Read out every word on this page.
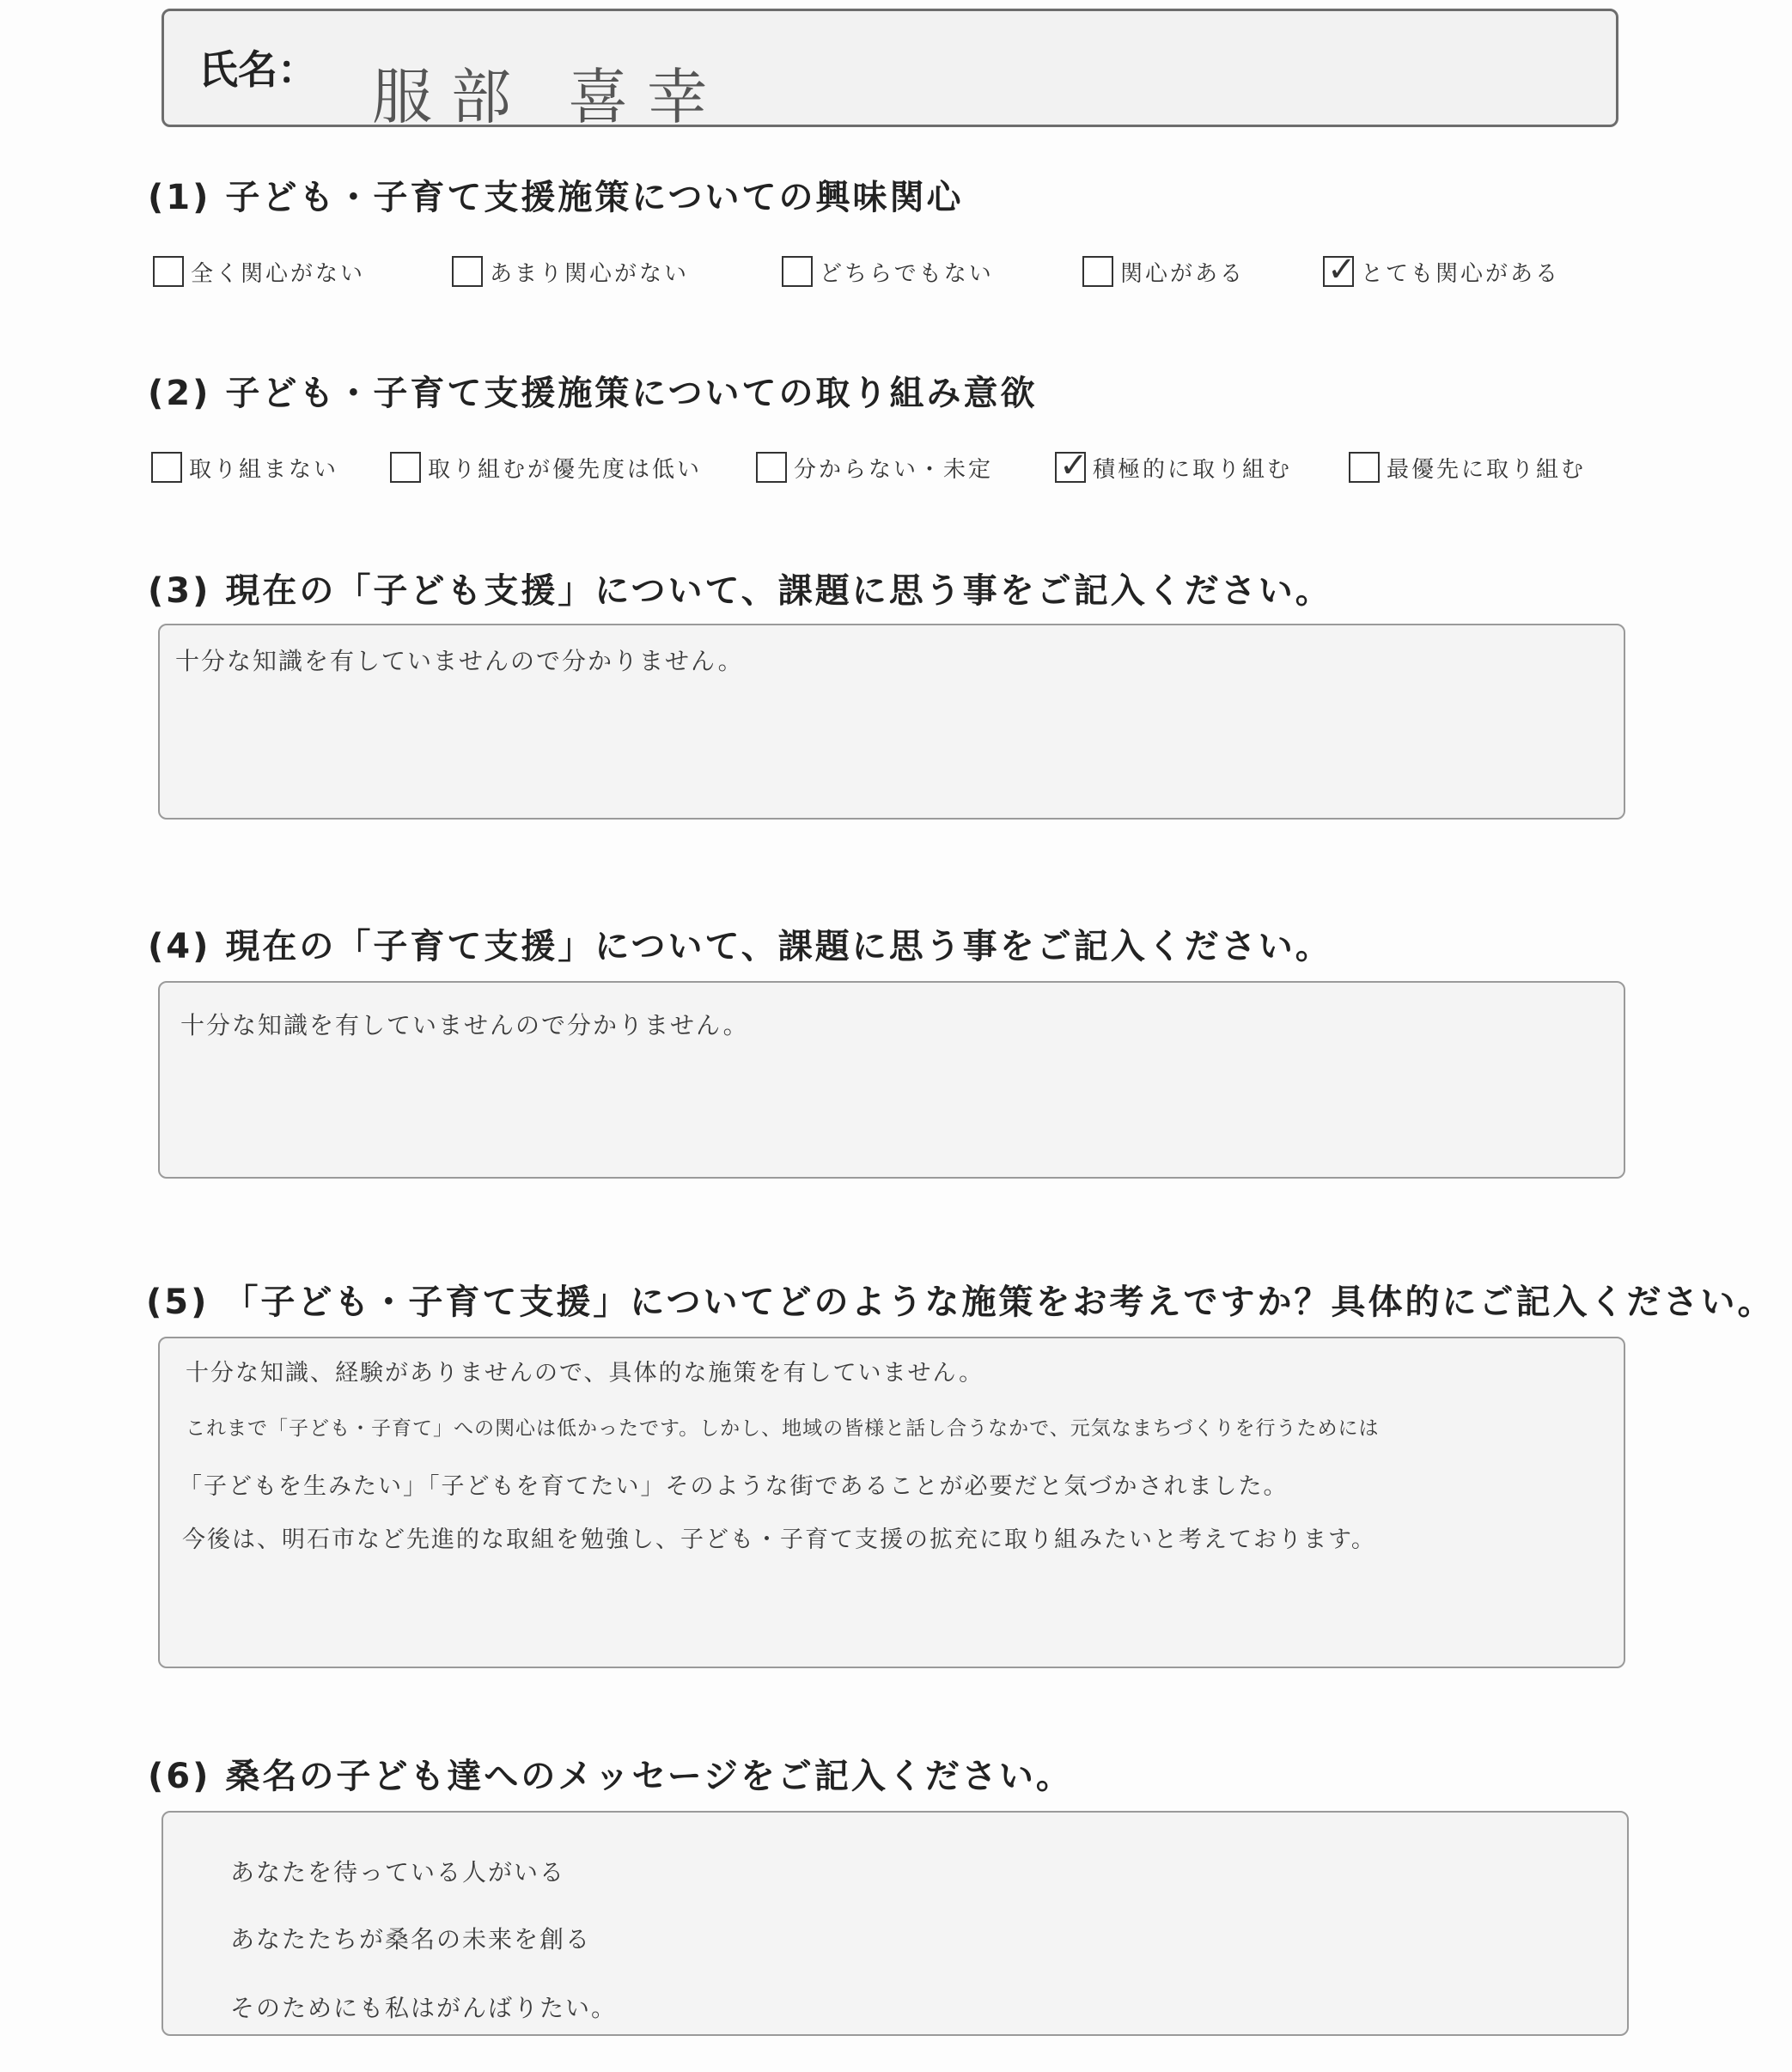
氏名： 服部 喜幸
(1) 子ども・子育て支援施策についての興味関心
全く関心がない	あまり関心がない	どちらでもない	関心がある ✓ とても関心がある
(2) 子ども・子育て支援施策についての取り組み意欲
取り組まない	取り組むが優先度は低い	分からない・未定 ✓ 積極的に取り組む	最優先に取り組む
(3) 現在の「子ども支援」について、課題に思う事をご記入ください。
十分な知識を有していませんので分かりません。
(4) 現在の「子育て支援」について、課題に思う事をご記入ください。
十分な知識を有していませんので分かりません。
(5) 「子ども・子育て支援」についてどのような施策をお考えですか？具体的にご記入ください。
十分な知識、経験がありませんので、具体的な施策を有していません。
これまで「子ども・子育て」への関心は低かったです。しかし、地域の皆様と話し合うなかで、元気なまちづくりを行うためには
「子どもを生みたい」「子どもを育てたい」そのような街であることが必要だと気づかされました。
今後は、明石市など先進的な取組を勉強し、子ども・子育て支援の拡充に取り組みたいと考えております。
(6) 桑名の子ども達へのメッセージをご記入ください。
あなたを待っている人がいる
あなたたちが桑名の未来を創る
そのためにも私はがんばりたい。
